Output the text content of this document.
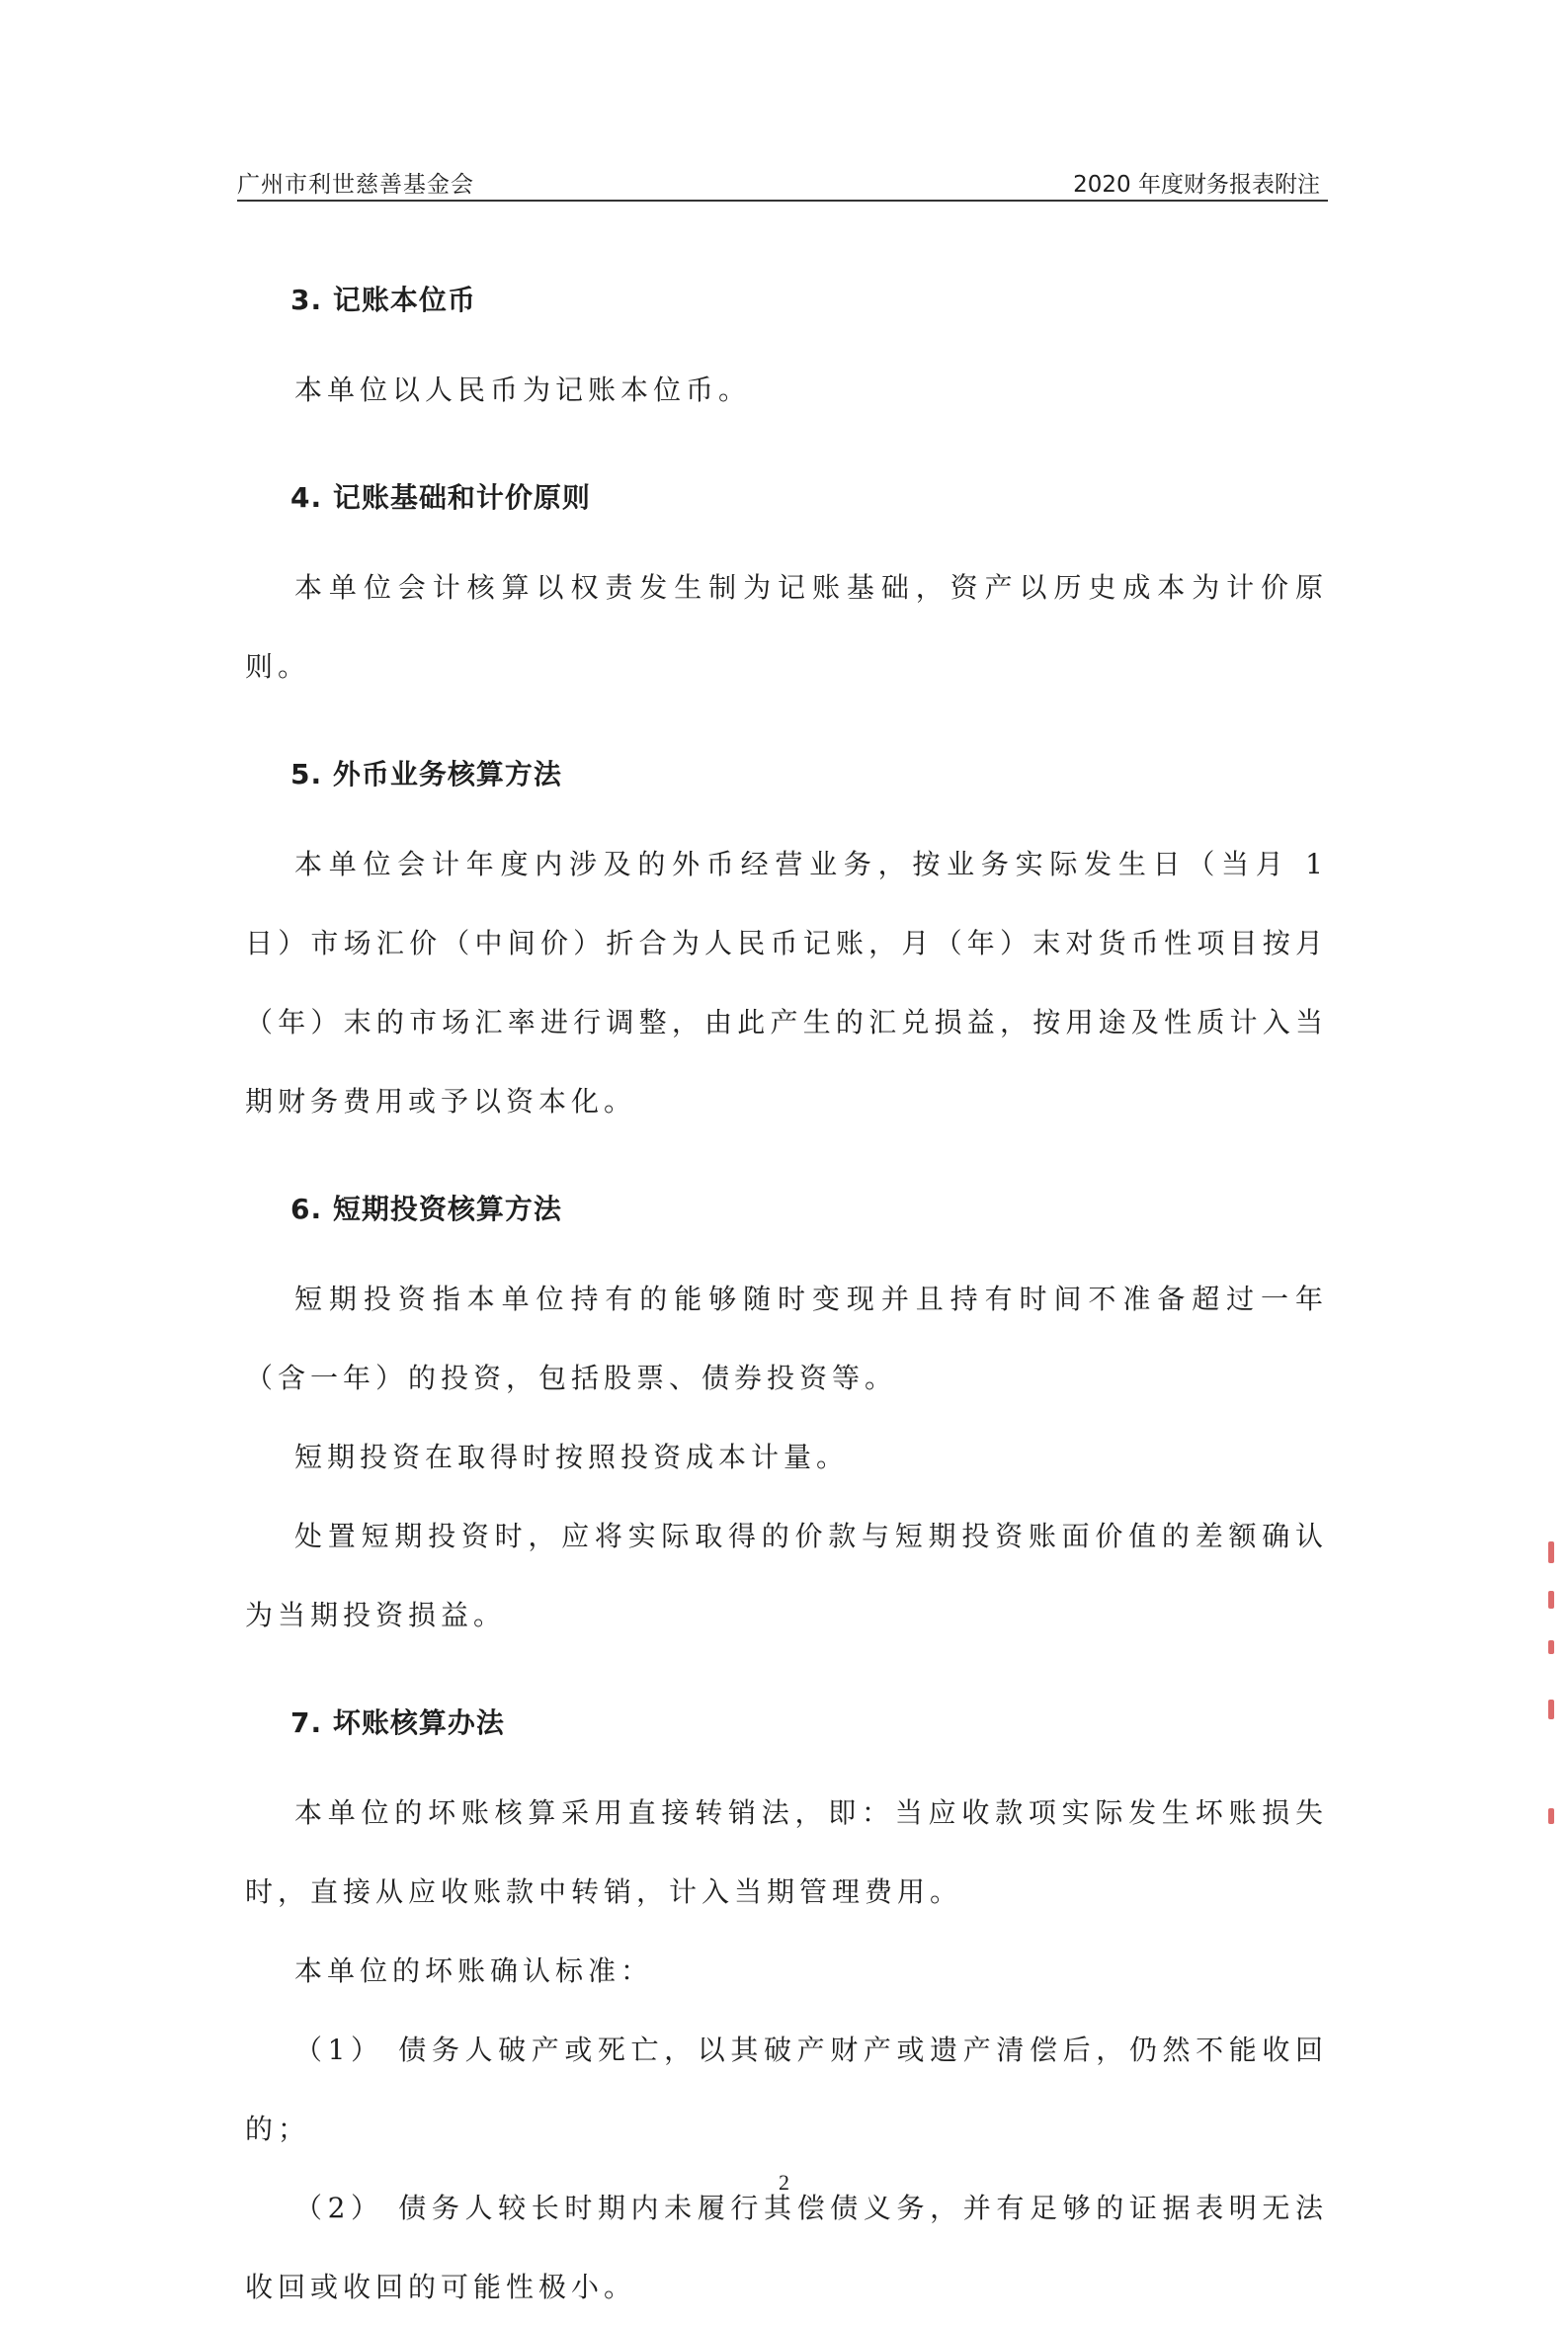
广州市利世慈善基金会	2020 年度财务报表附注
3. 记账本位币

本单位以人民币为记账本位币。

4. 记账基础和计价原则

本单位会计核算以权责发生制为记账基础，资产以历史成本为计价原则。

5. 外币业务核算方法

本单位会计年度内涉及的外币经营业务，按业务实际发生日（当月 1 日）市场汇价（中间价）折合为人民币记账，月（年）末对货币性项目按月（年）末的市场汇率进行调整，由此产生的汇兑损益，按用途及性质计入当期财务费用或予以资本化。

6. 短期投资核算方法

短期投资指本单位持有的能够随时变现并且持有时间不准备超过一年（含一年）的投资，包括股票、债券投资等。

短期投资在取得时按照投资成本计量。

处置短期投资时，应将实际取得的价款与短期投资账面价值的差额确认为当期投资损益。

7. 坏账核算办法

本单位的坏账核算采用直接转销法，即：当应收款项实际发生坏账损失时，直接从应收账款中转销，计入当期管理费用。

本单位的坏账确认标准：

（1） 债务人破产或死亡，以其破产财产或遗产清偿后，仍然不能收回的；

（2） 债务人较长时期内未履行其偿债义务，并有足够的证据表明无法收回或收回的可能性极小。

2
